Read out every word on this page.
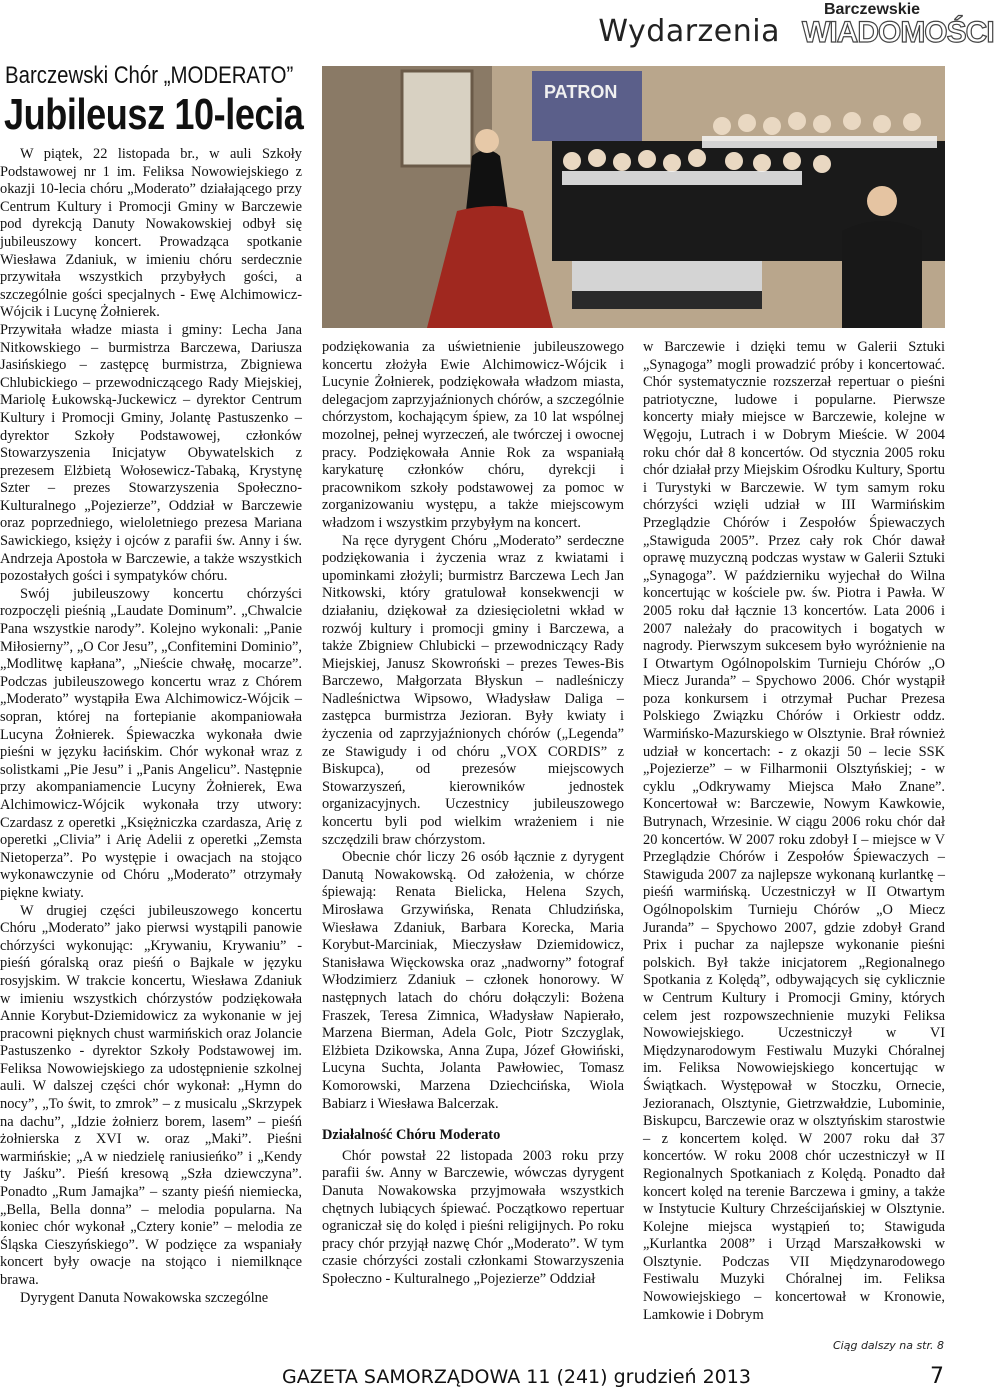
Wydarzenia
Barczewskie
WIADOMOŚCI
Barczewski Chór „MODERATO”
Jubileusz 10-lecia

W piątek, 22 listopada br., w auli Szkoły Podstawowej nr 1 im. Feliksa Nowowiejskiego z okazji 10-lecia chóru „Moderato” działającego przy Centrum Kultury i Promocji Gminy w Barczewie pod dyrekcją Danuty Nowakowskiej odbył się jubileuszowy koncert. Prowadząca spotkanie Wiesława Zdaniuk, w imieniu chóru serdecznie przywitała wszystkich przybyłych gości, a szczególnie gości specjalnych - Ewę Alchimowicz-Wójcik i Lucynę Żołnierek.

Przywitała władze miasta i gminy: Lecha Jana Nitkowskiego – burmistrza Barczewa, Dariusza Jasińskiego – zastępcę burmistrza, Zbigniewa Chlubickiego – przewodniczącego Rady Miejskiej, Mariolę Łukowską-Juckewicz – dyrektor Centrum Kultury i Promocji Gminy, Jolantę Pastuszenko – dyrektor Szkoły Podstawowej, członków Stowarzyszenia Inicjatyw Obywatelskich z prezesem Elżbietą Wołosewicz-Tabaką, Krystynę Szter – prezes Stowarzyszenia Społeczno-Kulturalnego „Pojezierze”, Oddział w Barczewie oraz poprzedniego, wieloletniego prezesa Mariana Sawickiego, księży i ojców z parafii św. Anny i św. Andrzeja Apostoła w Barczewie, a także wszystkich pozostałych gości i sympatyków chóru.

Swój jubileuszowy koncertu chórzyści rozpoczęli pieśnią „Laudate Dominum”. „Chwalcie Pana wszystkie narody”. Kolejno wykonali: „Panie Miłosierny”, „O Cor Jesu”, „Confitemini Dominio”, „Modlitwę kapłana”, „Nieście chwałę, mocarze”. Podczas jubileuszowego koncertu wraz z Chórem „Moderato” wystąpiła Ewa Alchimowicz-Wójcik – sopran, której na fortepianie akompaniowała Lucyna Żołnierek. Śpiewaczka wykonała dwie pieśni w języku łacińskim. Chór wykonał wraz z solistkami „Pie Jesu” i „Panis Angelicu”. Następnie przy akompaniamencie Lucyny Żołnierek, Ewa Alchimowicz-Wójcik wykonała trzy utwory: Czardasz z operetki „Księżniczka czardasza, Arię z operetki „Clivia” i Arię Adelii z operetki „Zemsta Nietoperza”. Po występie i owacjach na stojąco wykonawczynie od Chóru „Moderato” otrzymały piękne kwiaty.

W drugiej części jubileuszowego koncertu Chóru „Moderato” jako pierwsi wystąpili panowie chórzyści wykonując: „Krywaniu, Krywaniu” - pieśń góralską oraz pieśń o Bajkale w języku rosyjskim. W trakcie koncertu, Wiesława Zdaniuk w imieniu wszystkich chórzystów podziękowała Annie Korybut-Dziemidowicz za wykonanie w jej pracowni pięknych chust warmińskich oraz Jolancie Pastuszenko - dyrektor Szkoły Podstawowej im. Feliksa Nowowiejskiego za udostępnienie szkolnej auli. W dalszej części chór wykonał: „Hymn do nocy”, „To świt, to zmrok” – z musicalu „Skrzypek na dachu”, „Idzie żołnierz borem, lasem” – pieśń żołnierska z XVI w. oraz „Maki”. Pieśni warmińskie; „A w niedzielę raniusieńko” i „Kendy ty Jaśku”. Pieśń kresową „Szła dziewczyna”. Ponadto „Rum Jamajka” – szanty pieśń niemiecka, „Bella, Bella donna” – melodia popularna. Na koniec chór wykonał „Cztery konie” – melodia ze Śląska Cieszyńskiego”. W podzięce za wspaniały koncert były owacje na stojąco i niemilknące brawa.

Dyrygent Danuta Nowakowska szczególne

PATRON

podziękowania za uświetnienie jubileuszowego koncertu złożyła Ewie Alchimowicz-Wójcik i Lucynie Żołnierek, podziękowała władzom miasta, delegacjom zaprzyjaźnionych chórów, a szczególnie chórzystom, kochającym śpiew, za 10 lat wspólnej mozolnej, pełnej wyrzeczeń, ale twórczej i owocnej pracy. Podziękowała Annie Rok za wspaniałą karykaturę członków chóru, dyrekcji i pracownikom szkoły podstawowej za pomoc w zorganizowaniu występu, a także miejscowym władzom i wszystkim przybyłym na koncert.

Na ręce dyrygent Chóru „Moderato” serdeczne podziękowania i życzenia wraz z kwiatami i upominkami złożyli; burmistrz Barczewa Lech Jan Nitkowski, który gratulował konsekwencji w działaniu, dziękował za dziesięcioletni wkład w rozwój kultury i promocji gminy i Barczewa, a także Zbigniew Chlubicki – przewodniczący Rady Miejskiej, Janusz Skowroński – prezes Tewes-Bis Barczewo, Małgorzata Błyskun – nadleśniczy Nadleśnictwa Wipsowo, Władysław Daliga – zastępca burmistrza Jezioran. Były kwiaty i życzenia od zaprzyjaźnionych chórów („Legenda” ze Stawigudy i od chóru „VOX CORDIS” z Biskupca), od prezesów miejscowych Stowarzyszeń, kierowników jednostek organizacyjnych. Uczestnicy jubileuszowego koncertu byli pod wielkim wrażeniem i nie szczędzili braw chórzystom.

Obecnie chór liczy 26 osób łącznie z dyrygent Danutą Nowakowską. Od założenia, w chórze śpiewają: Renata Bielicka, Helena Szych, Mirosława Grzywińska, Renata Chludzińska, Wiesława Zdaniuk, Barbara Korecka, Maria Korybut-Marciniak, Mieczysław Dziemidowicz, Stanisława Więckowska oraz „nadworny” fotograf Włodzimierz Zdaniuk – członek honorowy. W następnych latach do chóru dołączyli: Bożena Fraszek, Teresa Zimnica, Władysław Napierało, Marzena Bierman, Adela Golc, Piotr Szczyglak, Elżbieta Dzikowska, Anna Zupa, Józef Głowiński, Lucyna Suchta, Jolanta Pawłowiec, Tomasz Komorowski, Marzena Dziechcińska, Wiola Babiarz i Wiesława Balcerzak.

Działalność Chóru Moderato

Chór powstał 22 listopada 2003 roku przy parafii św. Anny w Barczewie, wówczas dyrygent Danuta Nowakowska przyjmowała wszystkich chętnych lubiących śpiewać. Początkowo repertuar ograniczał się do kolęd i pieśni religijnych. Po roku pracy chór przyjął nazwę Chór „Moderato”. W tym czasie chórzyści zostali członkami Stowarzyszenia Społeczno - Kulturalnego „Pojezierze” Oddział

w Barczewie i dzięki temu w Galerii Sztuki „Synagoga” mogli prowadzić próby i koncertować. Chór systematycznie rozszerzał repertuar o pieśni patriotyczne, ludowe i popularne. Pierwsze koncerty miały miejsce w Barczewie, kolejne w Węgoju, Lutrach i w Dobrym Mieście. W 2004 roku chór dał 8 koncertów. Od stycznia 2005 roku chór działał przy Miejskim Ośrodku Kultury, Sportu i Turystyki w Barczewie. W tym samym roku chórzyści wzięli udział w III Warmińskim Przeglądzie Chórów i Zespołów Śpiewaczych „Stawiguda 2005”. Przez cały rok Chór dawał oprawę muzyczną podczas wystaw w Galerii Sztuki „Synagoga”. W październiku wyjechał do Wilna koncertując w kościele pw. św. Piotra i Pawła. W 2005 roku dał łącznie 13 koncertów. Lata 2006 i 2007 należały do pracowitych i bogatych w nagrody. Pierwszym sukcesem było wyróżnienie na I Otwartym Ogólnopolskim Turnieju Chórów „O Miecz Juranda” – Spychowo 2006. Chór wystąpił poza konkursem i otrzymał Puchar Prezesa Polskiego Związku Chórów i Orkiestr oddz. Warmińsko-Mazurskiego w Olsztynie. Brał również udział w koncertach: - z okazji 50 – lecie SSK „Pojezierze” – w Filharmonii Olsztyńskiej; - w cyklu „Odkrywamy Miejsca Mało Znane”. Koncertował w: Barczewie, Nowym Kawkowie, Butrynach, Wrzesinie. W ciągu 2006 roku chór dał 20 koncertów. W 2007 roku zdobył I – miejsce w V Przeglądzie Chórów i Zespołów Śpiewaczych – Stawiguda 2007 za najlepsze wykonaną kurlantkę – pieśń warmińską. Uczestniczył w II Otwartym Ogólnopolskim Turnieju Chórów „O Miecz Juranda” – Spychowo 2007, gdzie zdobył Grand Prix i puchar za najlepsze wykonanie pieśni polskich. Był także inicjatorem „Regionalnego Spotkania z Kolędą”, odbywających się cyklicznie w Centrum Kultury i Promocji Gminy, których celem jest rozpowszechnienie muzyki Feliksa Nowowiejskiego. Uczestniczył w VI Międzynarodowym Festiwalu Muzyki Chóralnej im. Feliksa Nowowiejskiego koncertując w Świątkach. Występował w Stoczku, Ornecie, Jezioranach, Olsztynie, Gietrzwałdzie, Lubominie, Biskupcu, Barczewie oraz w olsztyńskim starostwie – z koncertem kolęd. W 2007 roku dał 37 koncertów. W roku 2008 chór uczestniczył w II Regionalnych Spotkaniach z Kolędą. Ponadto dał koncert kolęd na terenie Barczewa i gminy, a także w Instytucie Kultury Chrześcijańskiej w Olsztynie. Kolejne miejsca wystąpień to; Stawiguda „Kurlantka 2008” i Urząd Marszałkowski w Olsztynie. Podczas VII Międzynarodowego Festiwalu Muzyki Chóralnej im. Feliksa Nowowiejskiego – koncertował w Kronowie, Lamkowie i Dobrym

Ciąg dalszy na str. 8
GAZETA SAMORZĄDOWA 11 (241) grudzień 2013	7
